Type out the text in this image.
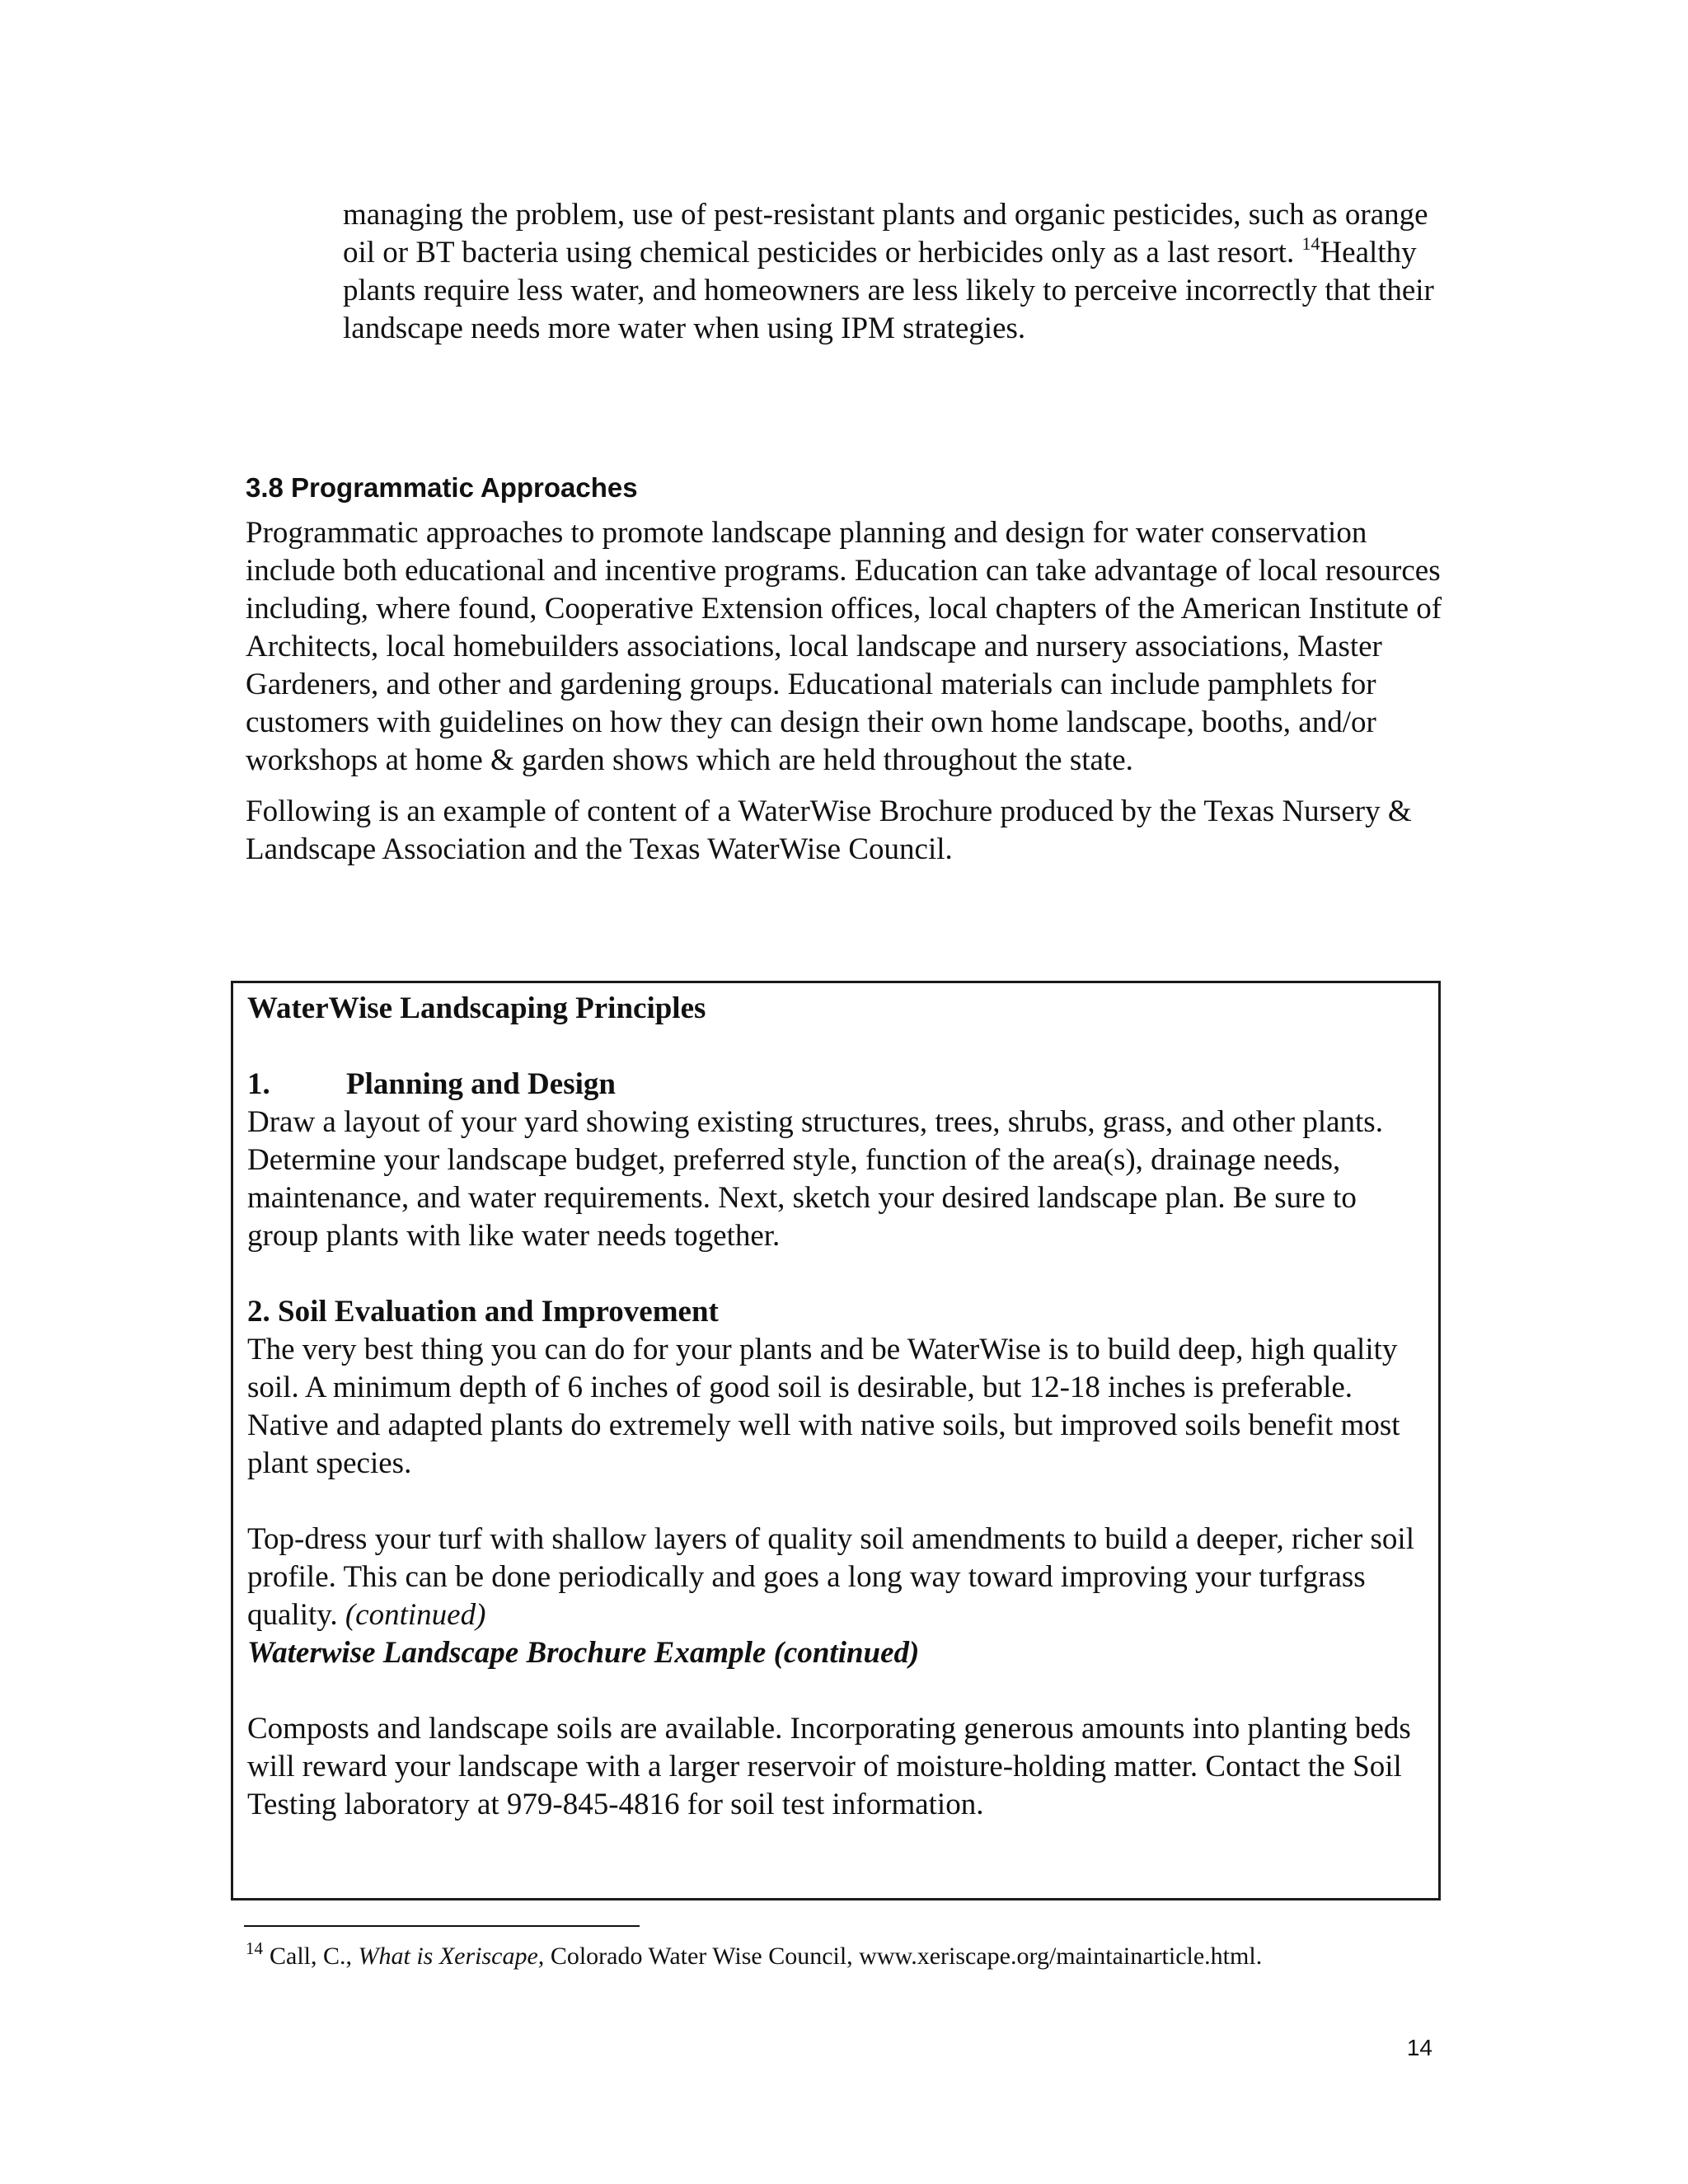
managing the problem, use of pest-resistant plants and organic pesticides, such as orange oil or BT bacteria using chemical pesticides or herbicides only as a last resort. $^{14}$Healthy plants require less water, and homeowners are less likely to perceive incorrectly that their landscape needs more water when using IPM strategies.

3.8 Programmatic Approaches

Programmatic approaches to promote landscape planning and design for water conservation include both educational and incentive programs. Education can take advantage of local resources including, where found, Cooperative Extension offices, local chapters of the American Institute of Architects, local homebuilders associations, local landscape and nursery associations, Master Gardeners, and other and gardening groups. Educational materials can include pamphlets for customers with guidelines on how they can design their own home landscape, booths, and/or workshops at home & garden shows which are held throughout the state.

Following is an example of content of a WaterWise Brochure produced by the Texas Nursery & Landscape Association and the Texas WaterWise Council.

WaterWise Landscaping Principles

1. Planning and Design

Draw a layout of your yard showing existing structures, trees, shrubs, grass, and other plants. Determine your landscape budget, preferred style, function of the area(s), drainage needs, maintenance, and water requirements. Next, sketch your desired landscape plan. Be sure to group plants with like water needs together.

2. Soil Evaluation and Improvement

The very best thing you can do for your plants and be WaterWise is to build deep, high quality soil. A minimum depth of 6 inches of good soil is desirable, but 12-18 inches is preferable. Native and adapted plants do extremely well with native soils, but improved soils benefit most plant species.

Top-dress your turf with shallow layers of quality soil amendments to build a deeper, richer soil profile. This can be done periodically and goes a long way toward improving your turfgrass quality. (continued)

Waterwise Landscape Brochure Example (continued)

Composts and landscape soils are available. Incorporating generous amounts into planting beds will reward your landscape with a larger reservoir of moisture-holding matter. Contact the Soil Testing laboratory at 979-845-4816 for soil test information.

$^{14}$ Call, C., What is Xeriscape, Colorado Water Wise Council, www.xeriscape.org/maintainarticle.html.

14
